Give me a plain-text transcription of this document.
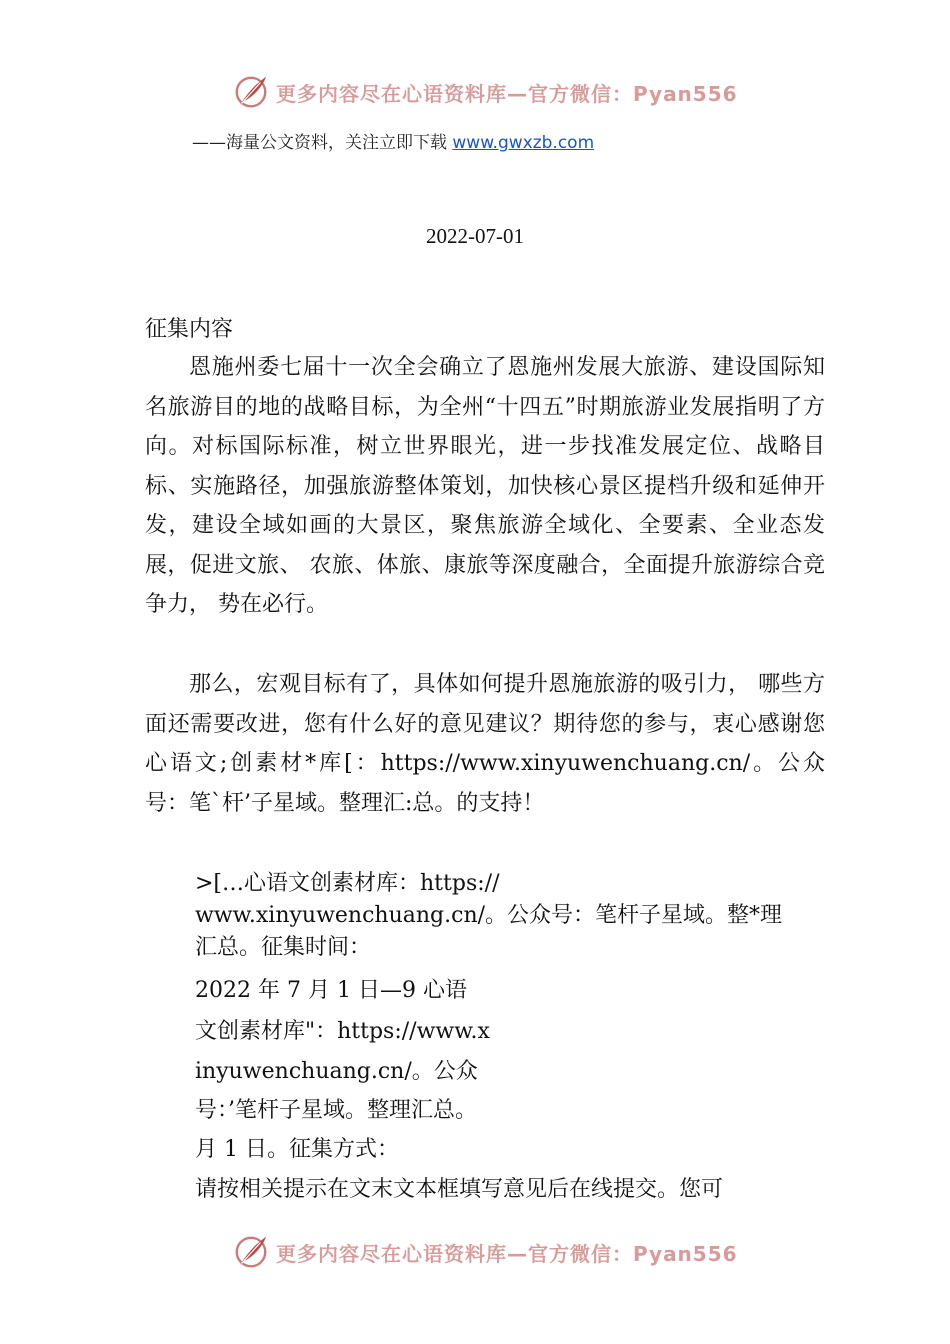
更多内容尽在心语资料库—官方微信：Pyan556
——海量公文资料，关注立即下载 www.gwxzb.com
2022-07-01
征集内容
恩施州委七届十一次全会确立了恩施州发展大旅游、建设国际知名旅游目的地的战略目标，为全州“十四五”时期旅游业发展指明了方向。对标国际标准，树立世界眼光，进一步找准发展定位、战略目标、实施路径，加强旅游整体策划，加快核心景区提档升级和延伸开发，建设全域如画的大景区，聚焦旅游全域化、全要素、全业态发展，促进文旅、 农旅、体旅、康旅等深度融合，全面提升旅游综合竞争力， 势在必行。
那么，宏观目标有了，具体如何提升恩施旅游的吸引力， 哪些方面还需要改进，您有什么好的意见建议？期待您的参与，衷心感谢您心语文;创素材*库[：https://www.xinyuwenchuang.cn/。公众号：笔`杆’子星域。整理汇:总。的支持！
>[…心语文创素材库：https://
www.xinyuwenchuang.cn/。公众号：笔杆子星域。整*理
汇总。征集时间：
2022 年 7 月 1 日—9 心语
文创素材库"：https://www.x
inyuwenchuang.cn/。公众
号：’笔杆子星域。整理汇总。
月 1 日。征集方式：
请按相关提示在文末文本框填写意见后在线提交。您可
更多内容尽在心语资料库—官方微信：Pyan556
